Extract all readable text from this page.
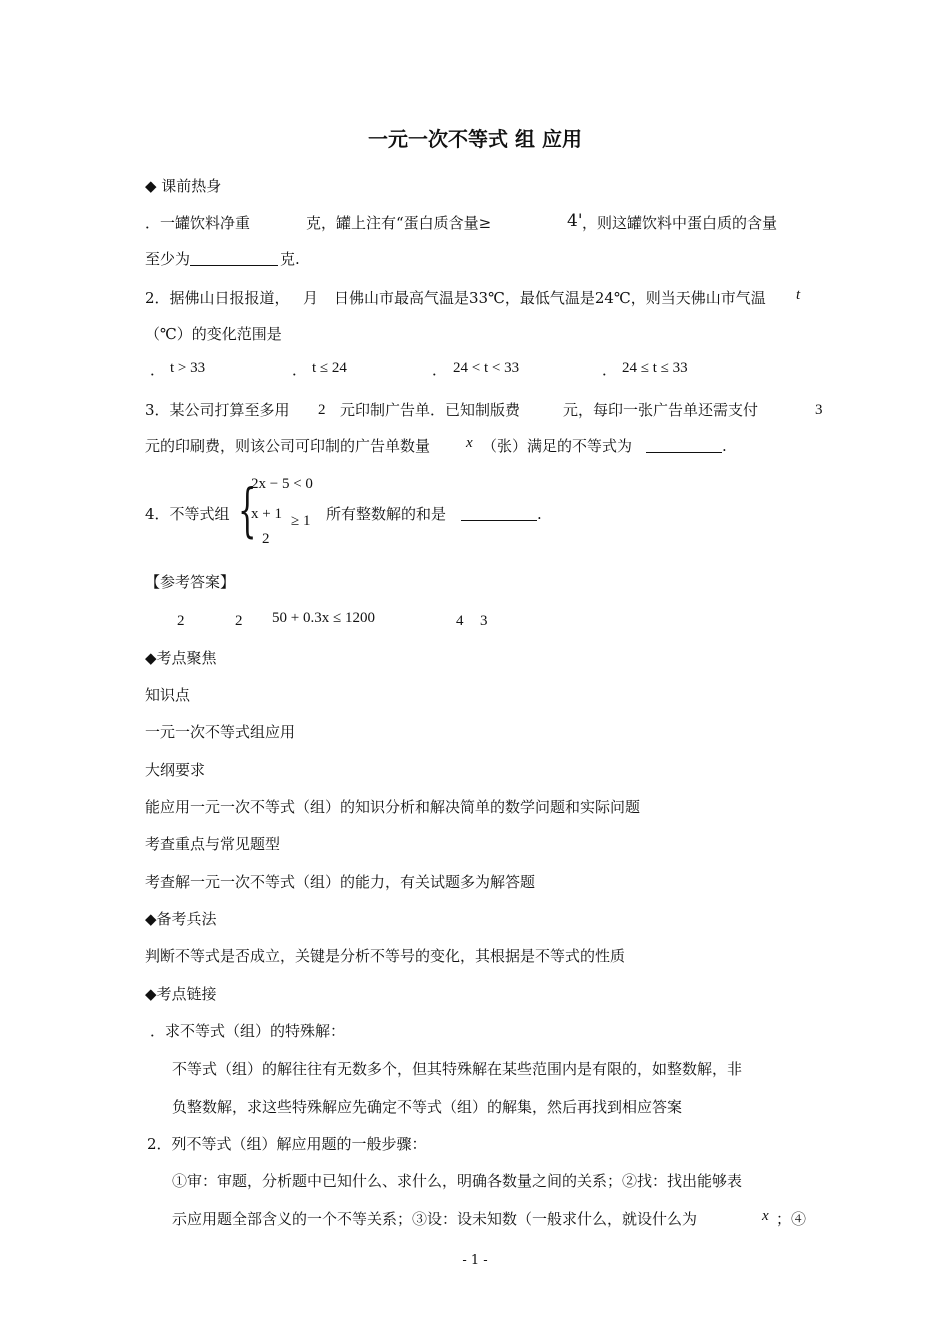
一元一次不等式 组 应用
◆ 课前热身
．一罐饮料净重	克，罐上注有“蛋白质含量≥	4' ，则这罐饮料中蛋白质的含量
至少为	克.
2．据佛山日报报道， 月 日佛山市最高气温是33℃，最低气温是24℃，则当天佛山市气温 t
（℃）的变化范围是
． t > 33	． t ≤ 24	． 24 < t < 33	． 24 ≤ t ≤ 33
3．某公司打算至多用 2 元印制广告单．已知制版费	元，每印一张广告单还需支付	3
元的印刷费，则该公司可印制的广告单数量 x （张）满足的不等式为	.
4．不等式组 {
2x − 5 < 0
x + 1 ≥ 1
2
所有整数解的和是	.
【参考答案】
2	2 50 + 0.3x ≤ 1200	4 3
◆考点聚焦
知识点
一元一次不等式组应用
大纲要求
能应用一元一次不等式（组）的知识分析和解决简单的数学问题和实际问题
考查重点与常见题型
考查解一元一次不等式（组）的能力，有关试题多为解答题
◆备考兵法
判断不等式是否成立，关键是分析不等号的变化，其根据是不等式的性质
◆考点链接
．求不等式（组）的特殊解：
不等式（组）的解往往有无数多个，但其特殊解在某些范围内是有限的，如整数解，非
负整数解，求这些特殊解应先确定不等式（组）的解集，然后再找到相应答案
2．列不等式（组）解应用题的一般步骤：
①审：审题，分析题中已知什么、求什么，明确各数量之间的关系；②找：找出能够表
示应用题全部含义的一个不等关系；③设：设未知数（一般求什么，就设什么为	x ；④
- 1 -
